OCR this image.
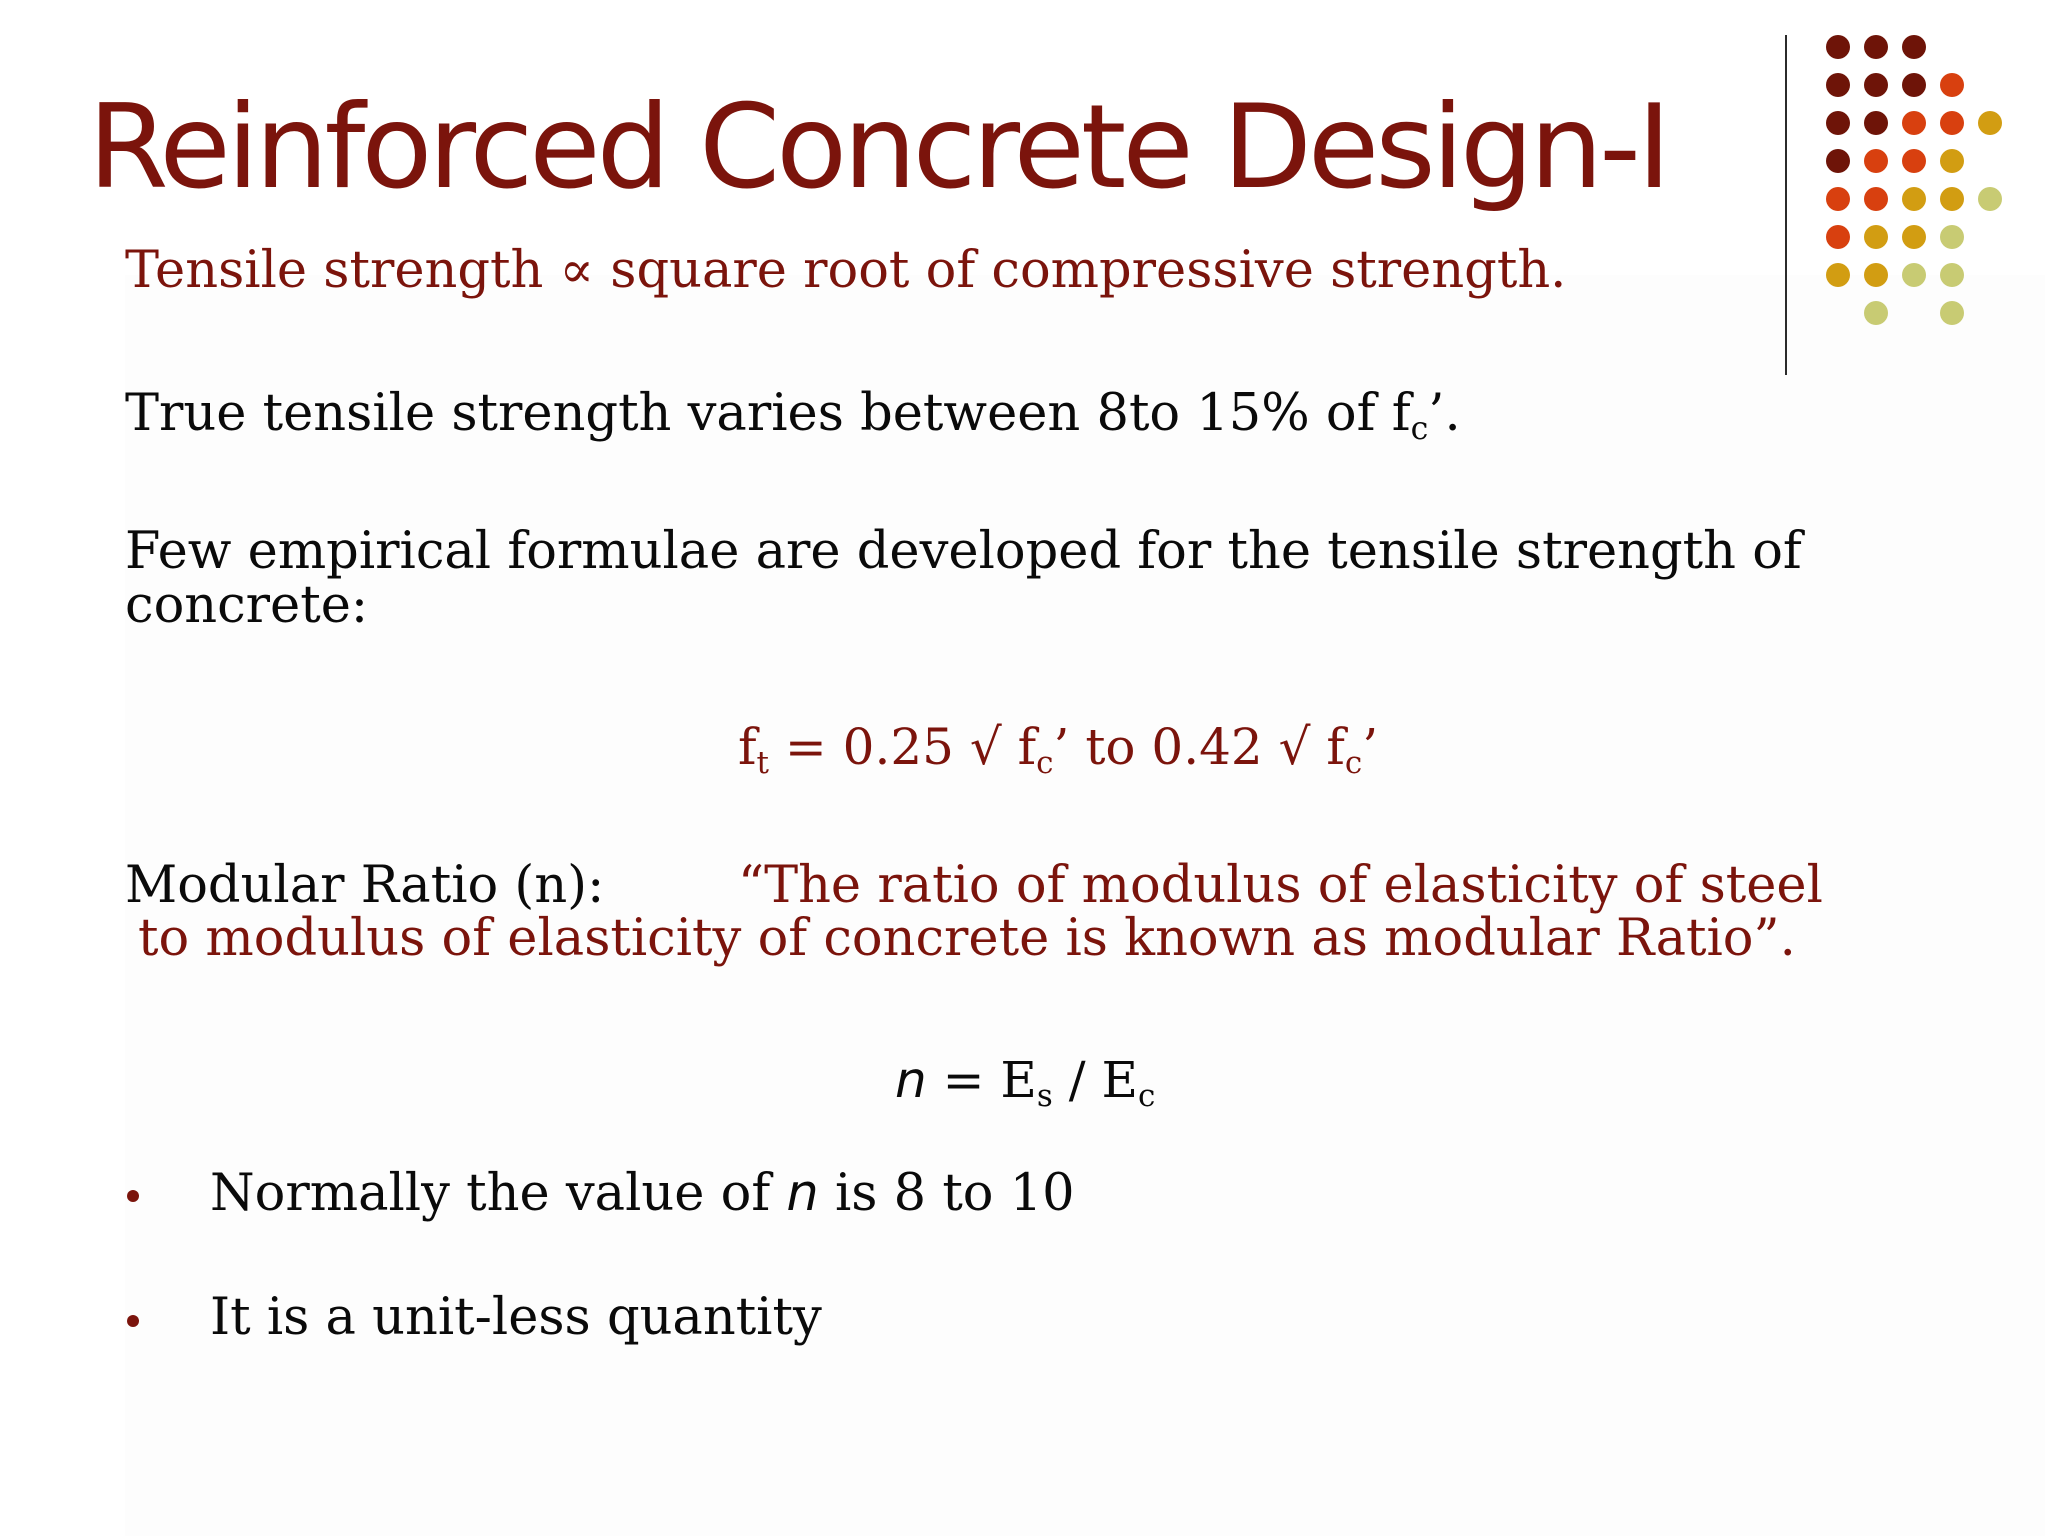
Reinforced Concrete Design-I
Tensile strength ∝ square root of compressive strength.
True tensile strength varies between 8to 15% of fc’.
Few empirical formulae are developed for the tensile strength of
concrete:
ft = 0.25 √ fc’ to 0.42 √ fc’
Modular Ratio (n):	“The ratio of modulus of elasticity of steel
to modulus of elasticity of concrete is known as modular Ratio”.
n = Es / Ec
Normally the value of n is 8 to 10
It is a unit-less quantity
